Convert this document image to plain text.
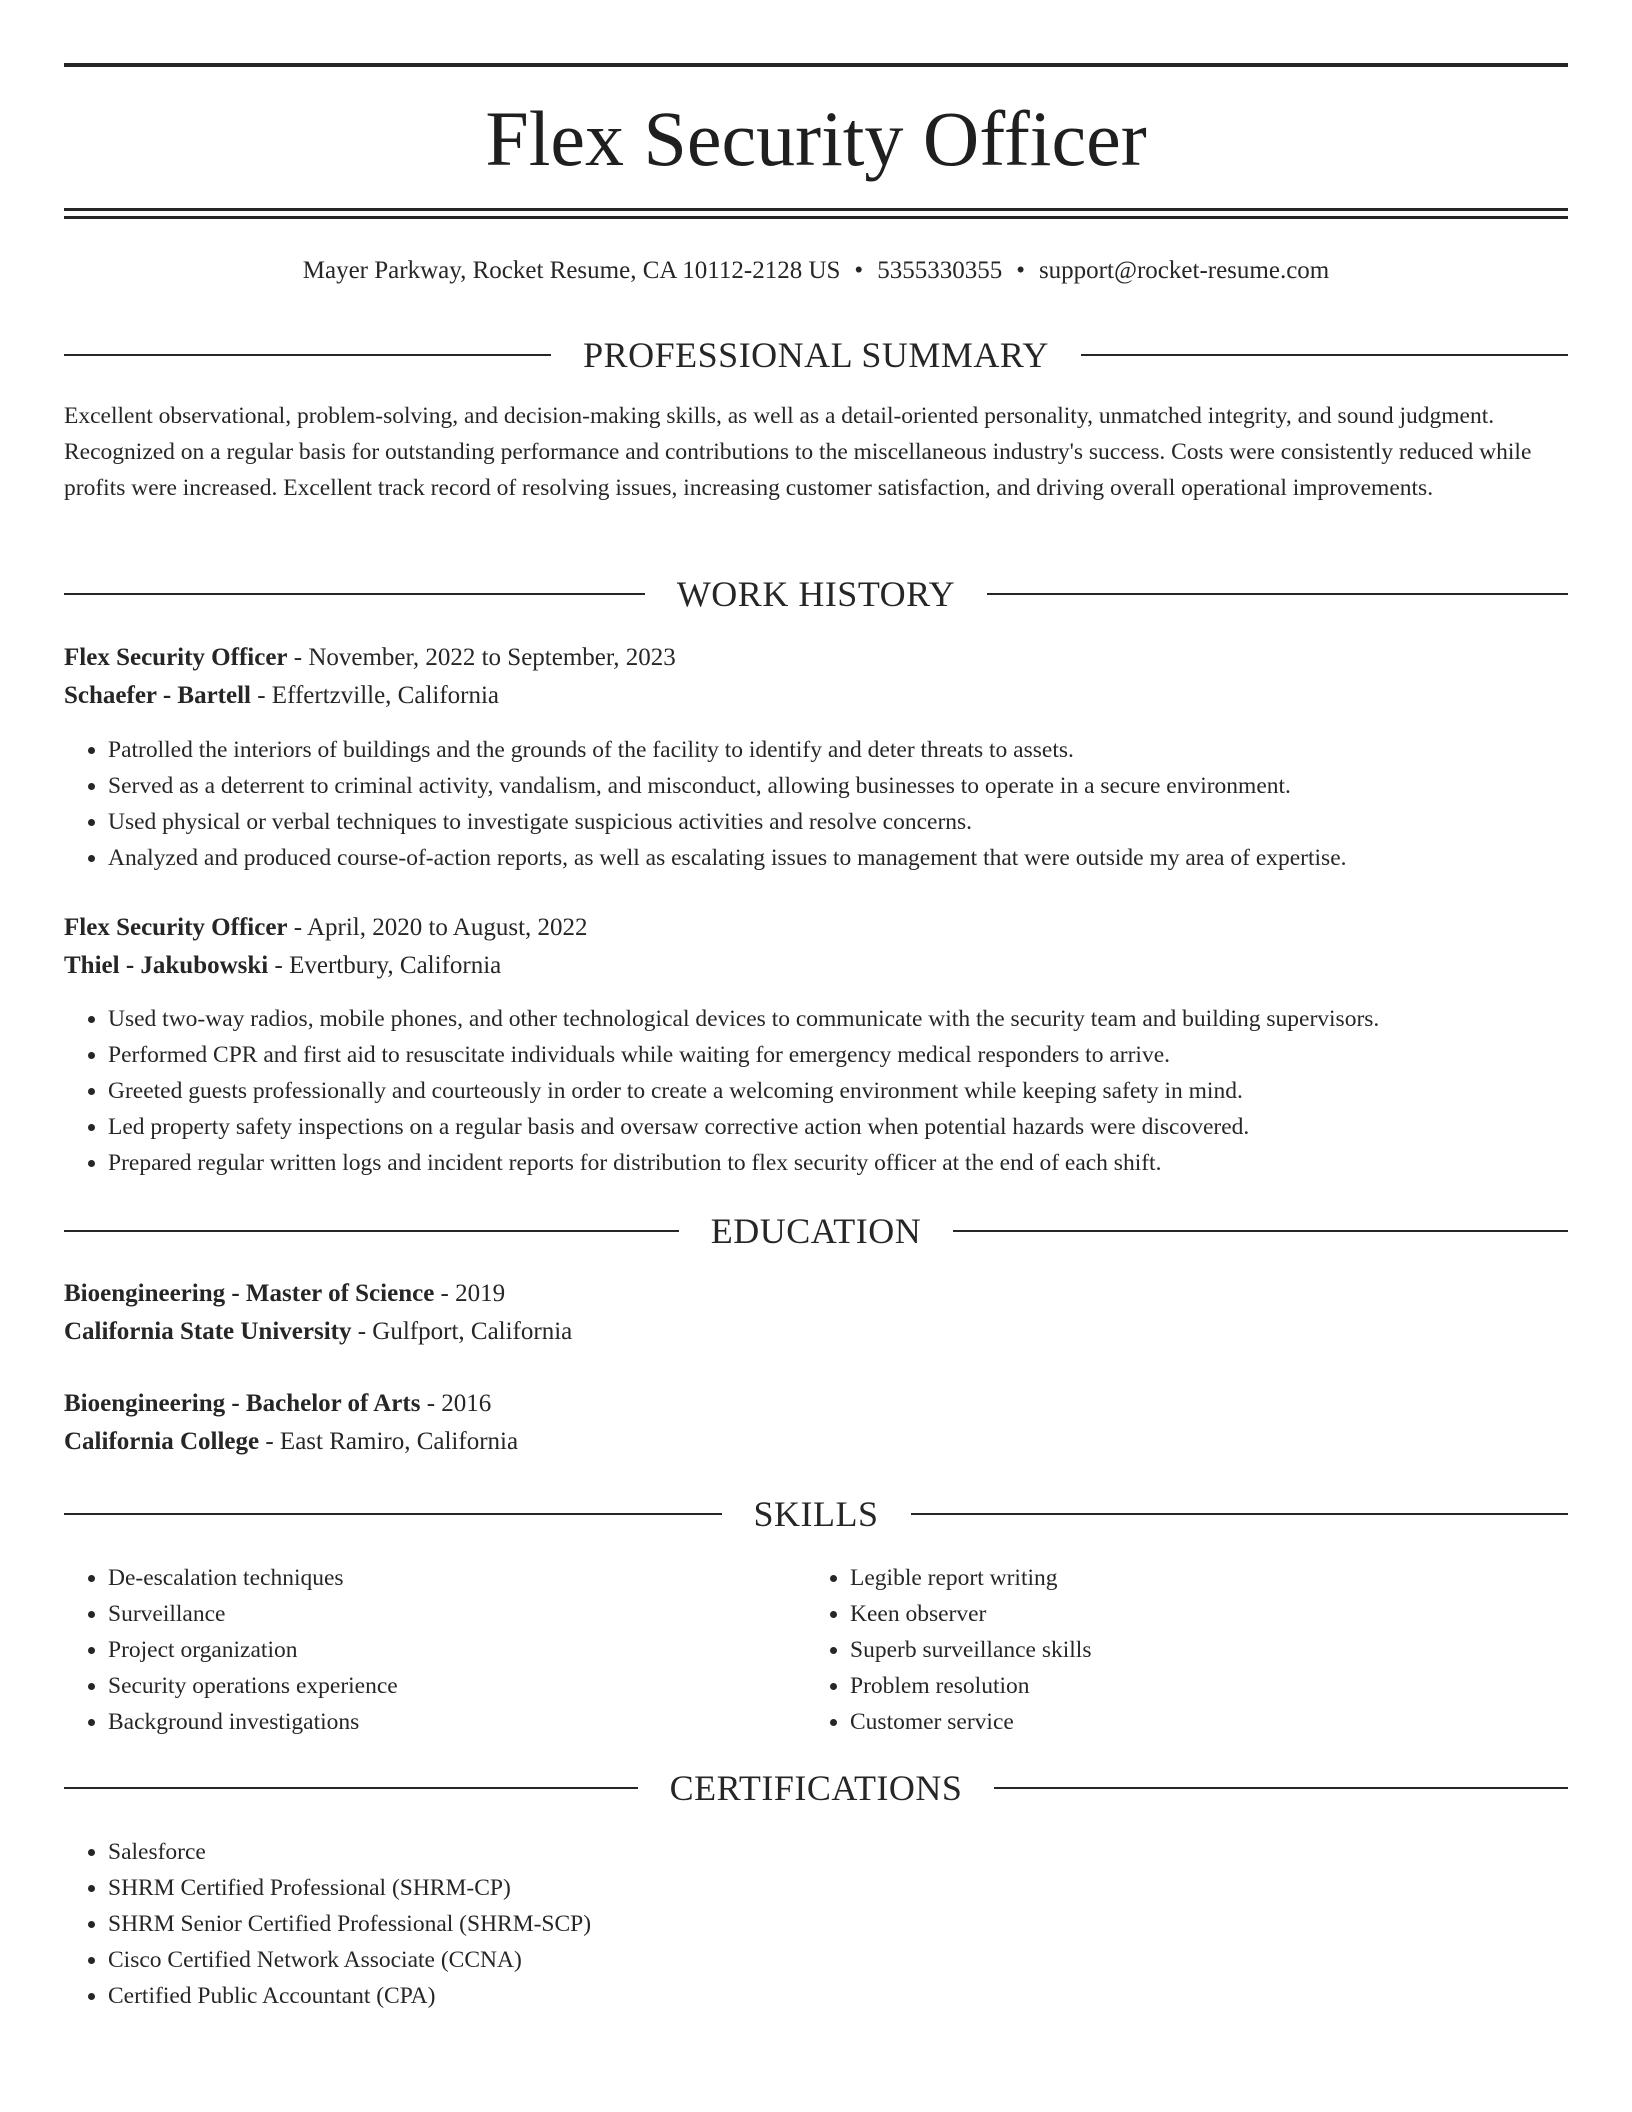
Flex Security Officer
Mayer Parkway, Rocket Resume, CA 10112-2128 US • 5355330355 • support@rocket-resume.com
PROFESSIONAL SUMMARY

Excellent observational, problem-solving, and decision-making skills, as well as a detail-oriented personality, unmatched integrity, and sound judgment. Recognized on a regular basis for outstanding performance and contributions to the miscellaneous industry's success. Costs were consistently reduced while profits were increased. Excellent track record of resolving issues, increasing customer satisfaction, and driving overall operational improvements.

WORK HISTORY
Flex Security Officer - November, 2022 to September, 2023
Schaefer - Bartell - Effertzville, California
• Patrolled the interiors of buildings and the grounds of the facility to identify and deter threats to assets.
• Served as a deterrent to criminal activity, vandalism, and misconduct, allowing businesses to operate in a secure environment.
• Used physical or verbal techniques to investigate suspicious activities and resolve concerns.
• Analyzed and produced course-of-action reports, as well as escalating issues to management that were outside my area of expertise.
Flex Security Officer - April, 2020 to August, 2022
Thiel - Jakubowski - Evertbury, California
• Used two-way radios, mobile phones, and other technological devices to communicate with the security team and building supervisors.
• Performed CPR and first aid to resuscitate individuals while waiting for emergency medical responders to arrive.
• Greeted guests professionally and courteously in order to create a welcoming environment while keeping safety in mind.
• Led property safety inspections on a regular basis and oversaw corrective action when potential hazards were discovered.
• Prepared regular written logs and incident reports for distribution to flex security officer at the end of each shift.
EDUCATION
Bioengineering - Master of Science - 2019
California State University - Gulfport, California
Bioengineering - Bachelor of Arts - 2016
California College - East Ramiro, California
SKILLS
• De-escalation techniques
• Surveillance
• Project organization
• Security operations experience
• Background investigations
• Legible report writing
• Keen observer
• Superb surveillance skills
• Problem resolution
• Customer service
CERTIFICATIONS
• Salesforce
• SHRM Certified Professional (SHRM-CP)
• SHRM Senior Certified Professional (SHRM-SCP)
• Cisco Certified Network Associate (CCNA)
• Certified Public Accountant (CPA)
